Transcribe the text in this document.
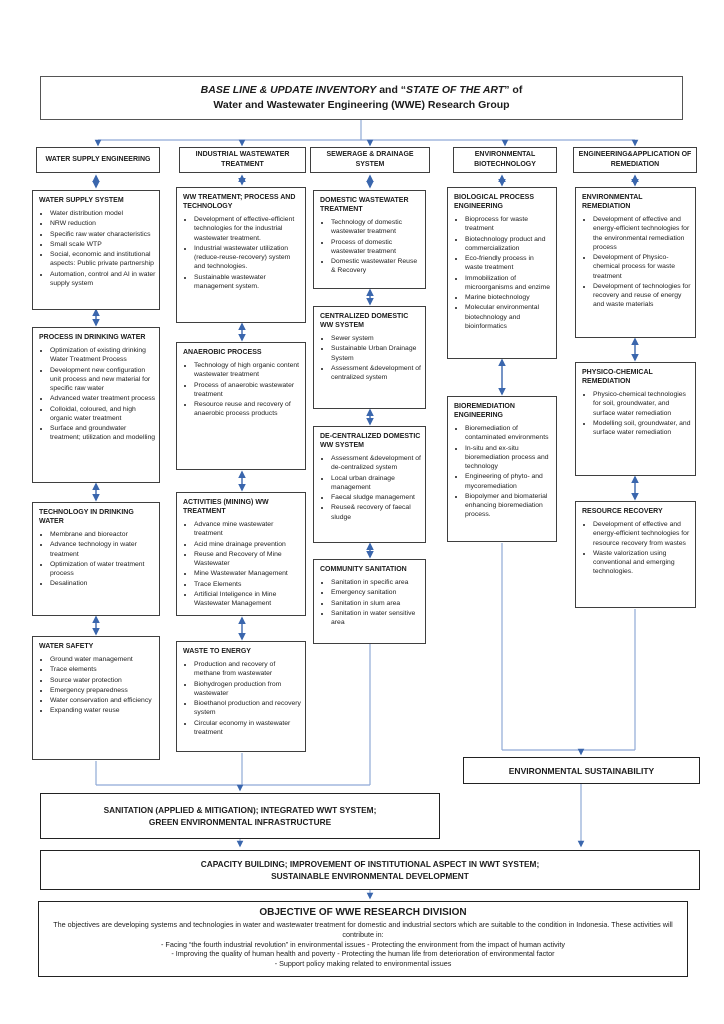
BASE LINE & UPDATE INVENTORY and “STATE OF THE ART” of
Water and Wastewater Engineering (WWE) Research Group
WATER SUPPLY ENGINEERING
INDUSTRIAL WASTEWATER TREATMENT
SEWERAGE & DRAINAGE SYSTEM
ENVIRONMENTAL BIOTECHNOLOGY
ENGINEERING&APPLICATION OF REMEDIATION
WATER SUPPLY SYSTEM
• Water distribution model
• NRW reduction
• Specific raw water characteristics
• Small scale WTP
• Social, economic and institutional aspects: Public private partnership
• Automation, control and AI in water supply system
PROCESS IN DRINKING WATER
• Optimization of existing drinking Water Treatment Process
• Development new configuration unit process and new material for specific raw water
• Advanced water treatment process
• Colloidal, coloured, and high organic water treatment
• Surface and groundwater treatment; utilization and modelling
TECHNOLOGY IN DRINKING WATER
• Membrane and bioreactor
• Advance technology in water treatment
• Optimization of water treatment process
• Desalination
WATER SAFETY
• Ground water management
• Trace elements
• Source water protection
• Emergency preparedness
• Water conservation and efficiency
• Expanding water reuse
WW TREATMENT; PROCESS AND TECHNOLOGY
• Development of effective-efficient technologies for the industrial wastewater treatment.
• Industrial wastewater utilization (reduce-reuse-recovery) system and technologies.
• Sustainable wastewater management system.
ANAEROBIC PROCESS
• Technology of high organic content wastewater treatment
• Process of anaerobic wastewater treatment
• Resource reuse and recovery of anaerobic process products
ACTIVITIES (MINING) WW TREATMENT
• Advance mine wastewater treatment
• Acid mine drainage prevention
• Reuse and Recovery of Mine Wastewater
• Mine Wastewater Management
• Trace Elements
• Artificial Inteligence in Mine Wastewater Management
WASTE TO ENERGY
• Production and recovery of methane from wastewater
• Biohydrogen production from wastewater
• Bioethanol production and recovery system
• Circular economy in wastewater treatment
DOMESTIC WASTEWATER TREATMENT
• Technology of domestic wastewater treatment
• Process of domestic wastewater treatment
• Domestic wastewater Reuse & Recovery
CENTRALIZED DOMESTIC WW SYSTEM
• Sewer system
• Sustainable Urban Drainage System
• Assessment &development of centralized system
DE-CENTRALIZED DOMESTIC WW SYSTEM
• Assessment &development of de-centralized system
• Local urban drainage management
• Faecal sludge management
• Reuse& recovery of faecal sludge
COMMUNITY SANITATION
• Sanitation in specific area
• Emergency sanitation
• Sanitation in slum area
• Sanitation in water sensitive area
BIOLOGICAL PROCESS ENGINEERING
• Bioprocess for waste treatment
• Biotechnology product and commercialization
• Eco-friendly process in waste treatment
• Immobilization of microorganisms and enzime
• Marine biotechnology
• Molecular environmental biotechnology and bioinformatics
BIOREMEDIATION ENGINEERING
• Bioremediation of contaminated environments
• In-situ and ex-situ bioremediation process and technology
• Engineering of phyto- and mycoremediation
• Biopolymer and biomaterial enhancing bioremediation process.
ENVIRONMENTAL REMEDIATION
• Development of effective and energy-efficient technologies for the environmental remediation process
• Development of Physico-chemical process for waste treatment
• Development of technologies for recovery and reuse of energy and waste materials
PHYSICO-CHEMICAL REMEDIATION
• Physico-chemical technologies for soil, groundwater, and surface water remediation
• Modelling soil, groundwater, and surface water remediation
RESOURCE RECOVERY
• Development of effective and energy-efficient technologies for resource recovery from wastes
• Waste valorization using conventional and emerging technologies.
ENVIRONMENTAL SUSTAINABILITY
SANITATION (APPLIED & MITIGATION); INTEGRATED WWT SYSTEM;
GREEN ENVIRONMENTAL INFRASTRUCTURE
CAPACITY BUILDING; IMPROVEMENT OF INSTITUTIONAL ASPECT IN WWT SYSTEM;
SUSTAINABLE ENVIRONMENTAL DEVELOPMENT
OBJECTIVE OF WWE RESEARCH DIVISION
The objectives are developing systems and technologies in water and wastewater treatment for domestic and industrial sectors which are suitable to the condition in Indonesia. These activities will contribute in:
- Facing “the fourth industrial revolution” in environmental issues - Protecting the environment from the impact of human activity
- Improving the quality of human health and poverty - Protecting the human life from deterioration of environmental factor
- Support policy making related to environmental issues
